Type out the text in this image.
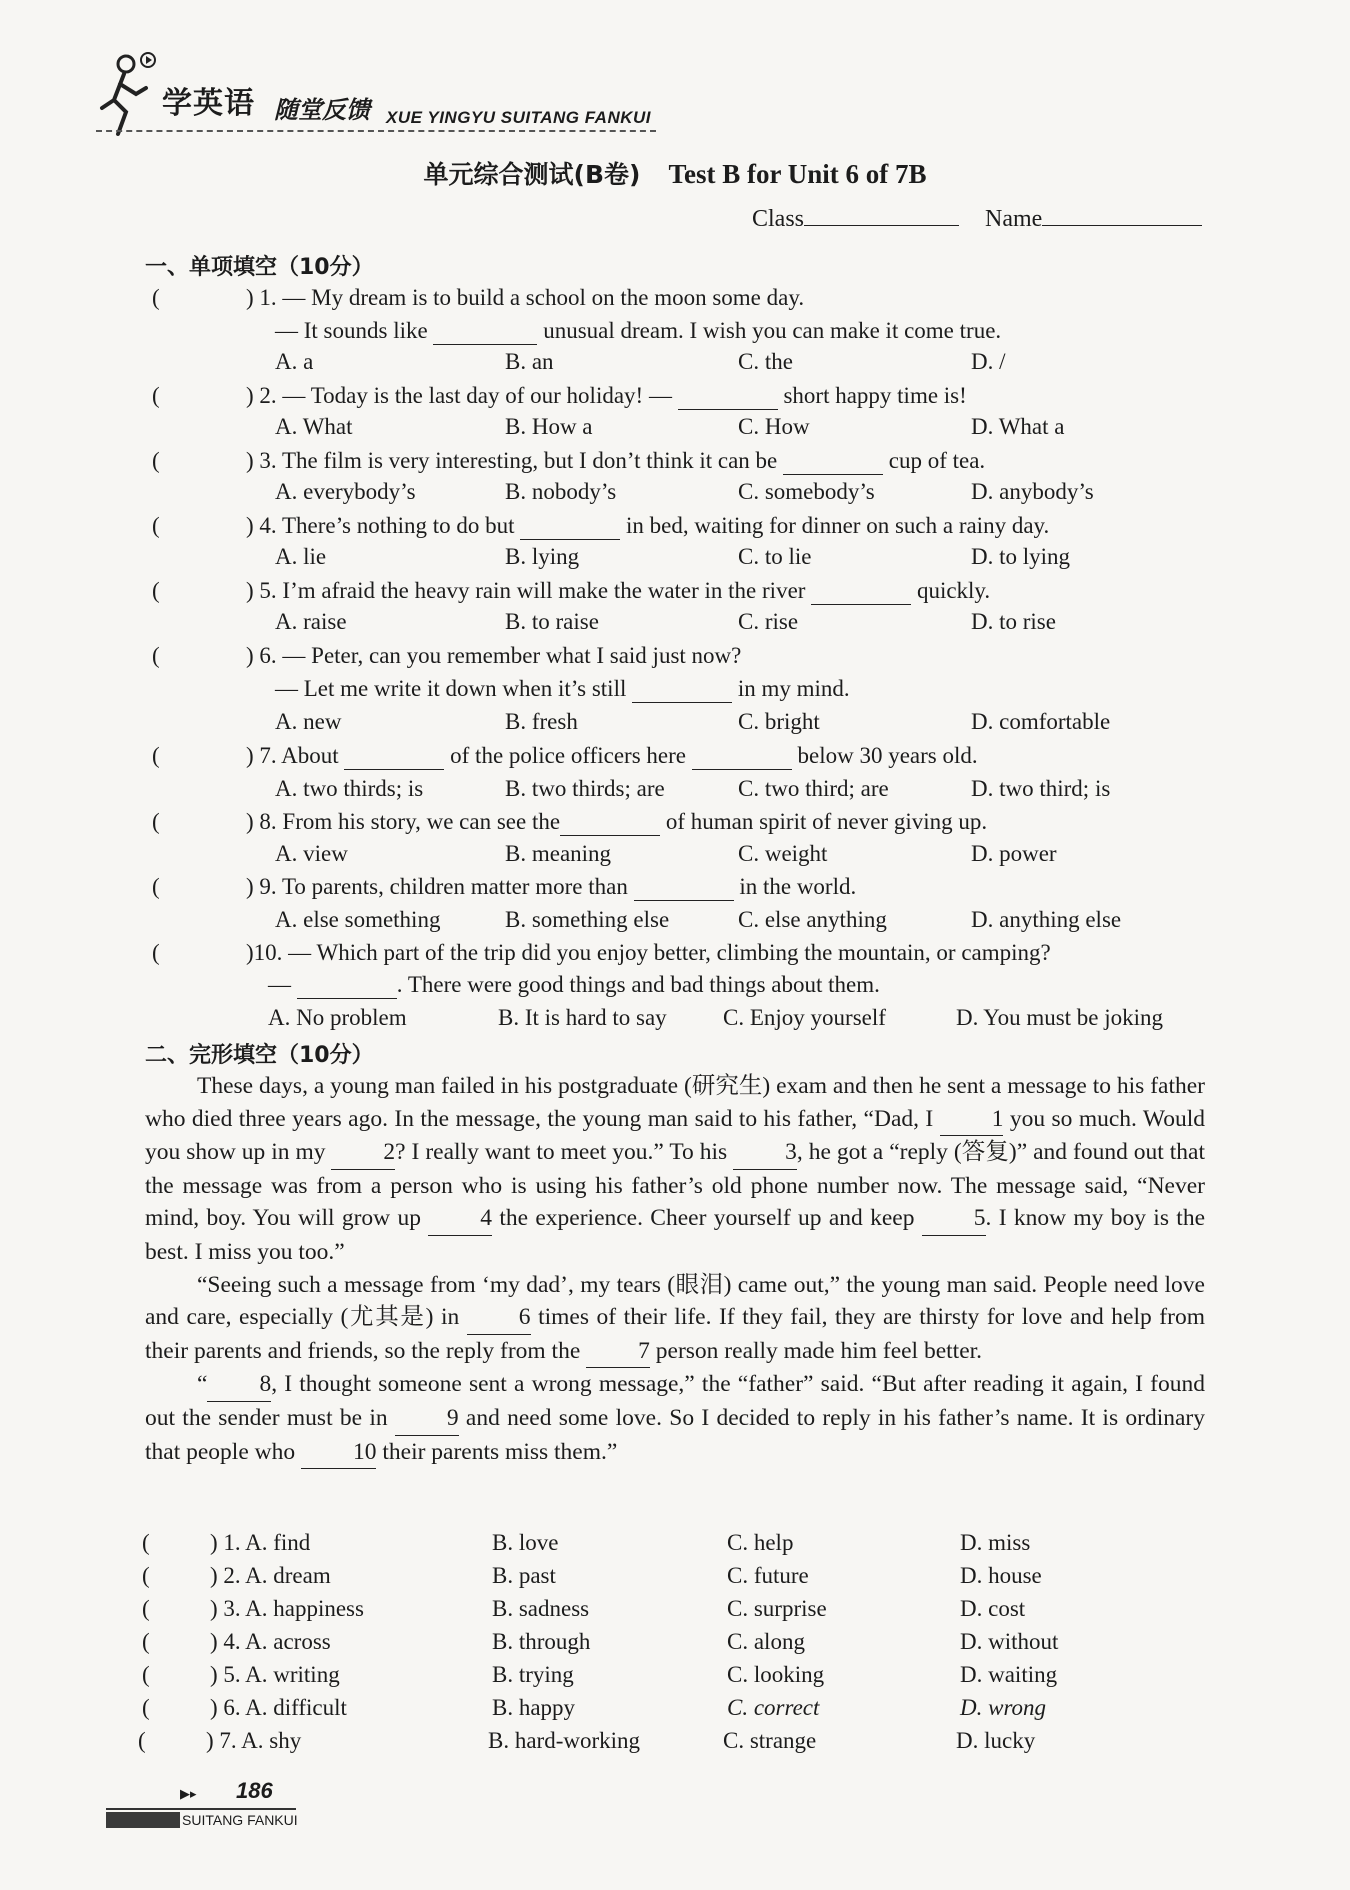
学英语 随堂反馈 XUE YINGYU SUITANG FANKUI
单元综合测试(B卷) Test B for Unit 6 of 7B
Class	Name
一、单项填空（10分）
(	) 1. — My dream is to build a school on the moon some day.
— It sounds like	unusual dream. I wish you can make it come true.
A. a	B. an	C. the	D. /
(	) 2. — Today is the last day of our holiday! —	short happy time is!
A. What	B. How a	C. How	D. What a
(	) 3. The film is very interesting, but I don’t think it can be	cup of tea.
A. everybody’s	B. nobody’s	C. somebody’s	D. anybody’s
(	) 4. There’s nothing to do but	in bed, waiting for dinner on such a rainy day.
A. lie	B. lying	C. to lie	D. to lying
(	) 5. I’m afraid the heavy rain will make the water in the river	quickly.
A. raise	B. to raise	C. rise	D. to rise
(	) 6. — Peter, can you remember what I said just now?
— Let me write it down when it’s still	in my mind.
A. new	B. fresh	C. bright	D. comfortable
(	) 7. About	of the police officers here	below 30 years old.
A. two thirds; is	B. two thirds; are	C. two third; are	D. two third; is
(	) 8. From his story, we can see the	of human spirit of never giving up.
A. view	B. meaning	C. weight	D. power
(	) 9. To parents, children matter more than	in the world.
A. else something	B. something else	C. else anything	D. anything else
(	)10. — Which part of the trip did you enjoy better, climbing the mountain, or camping?
—	. There were good things and bad things about them.
A. No problem	B. It is hard to say C. Enjoy yourself	D. You must be joking
二、完形填空（10分）

These days, a young man failed in his postgraduate (研究生) exam and then he sent a message to his father who died three years ago. In the message, the young man said to his father, “Dad, I 1 you so much. Would you show up in my 2? I really want to meet you.” To his 3, he got a “reply (答复)” and found out that the message was from a person who is using his father’s old phone number now. The message said, “Never mind, boy. You will grow up 4 the experience. Cheer yourself up and keep 5. I know my boy is the best. I miss you too.”

“Seeing such a message from ‘my dad’, my tears (眼泪) came out,” the young man said. People need love and care, especially (尤其是) in 6 times of their life. If they fail, they are thirsty for love and help from their parents and friends, so the reply from the 7 person really made him feel better.

“ 8, I thought someone sent a wrong message,” the “father” said. “But after reading it again, I found out the sender must be in 9 and need some love. So I decided to reply in his father’s name. It is ordinary that people who 10 their parents miss them.”

(	) 1. A. find	B. love	C. help	D. miss
(	) 2. A. dream	B. past	C. future	D. house
(	) 3. A. happiness	B. sadness	C. surprise	D. cost
(	) 4. A. across	B. through	C. along	D. without
(	) 5. A. writing	B. trying	C. looking	D. waiting
(	) 6. A. difficult	B. happy	C. correct	D. wrong
(	) 7. A. shy	B. hard-working	C. strange	D. lucky
▶▸ 186
SUITANG FANKUI
